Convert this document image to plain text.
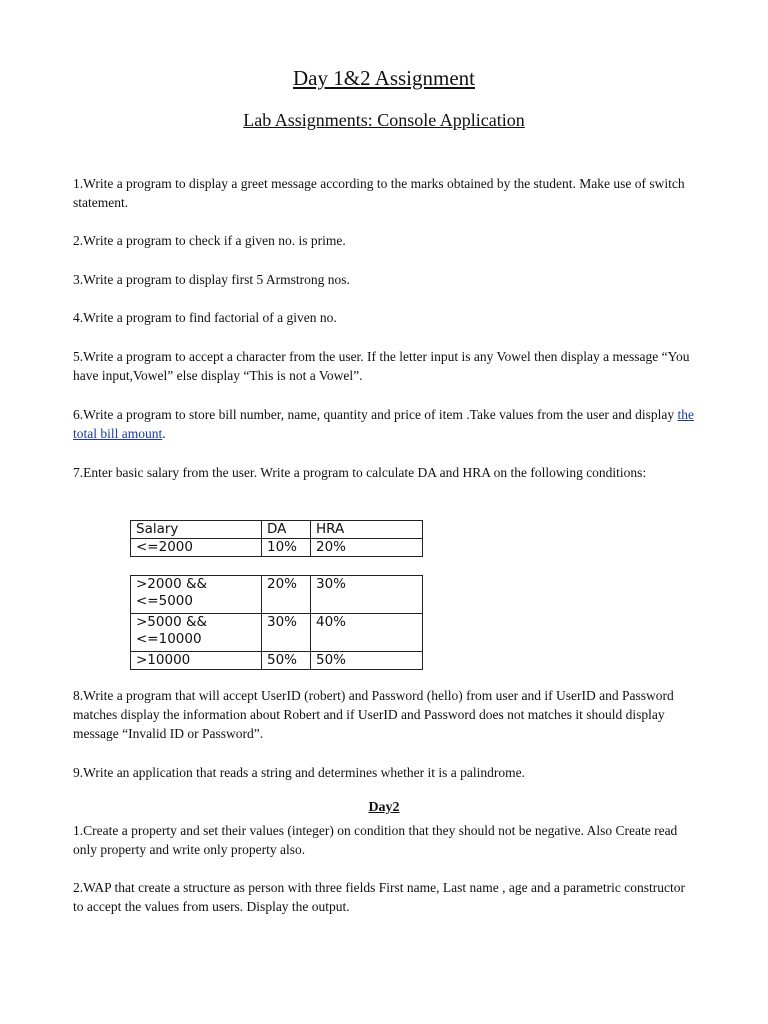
Day 1&2 Assignment
Lab Assignments: Console Application

1.Write a program to display a greet message according to the marks obtained by the student. Make use of switch statement.

2.Write a program to check if a given no. is prime.

3.Write a program to display first 5 Armstrong nos.

4.Write a program to find factorial of a given no.

5.Write a program to accept a character from the user. If the letter input is any Vowel then display a message “You have input,Vowel” else display “This is not a Vowel”.

6.Write a program to store bill number, name, quantity and price of item .Take values from the user and display the total bill amount.

7.Enter basic salary from the user. Write a program to calculate DA and HRA on the following conditions:

Salary	DA	HRA
<=2000	10%	20%
>2000 && <=5000	20%	30%
>5000 && <=10000	30%	40%
>10000	50%	50%

8.Write a program that will accept UserID (robert) and Password (hello) from user and if UserID and Password matches display the information about Robert and if UserID and Password does not matches it should display message “Invalid ID or Password”.

9.Write an application that reads a string and determines whether it is a palindrome.

Day2

1.Create a property and set their values (integer) on condition that they should not be negative. Also Create read only property and write only property also.

2.WAP that create a structure as person with three fields First name, Last name , age and a parametric constructor to accept the values from users. Display the output.
